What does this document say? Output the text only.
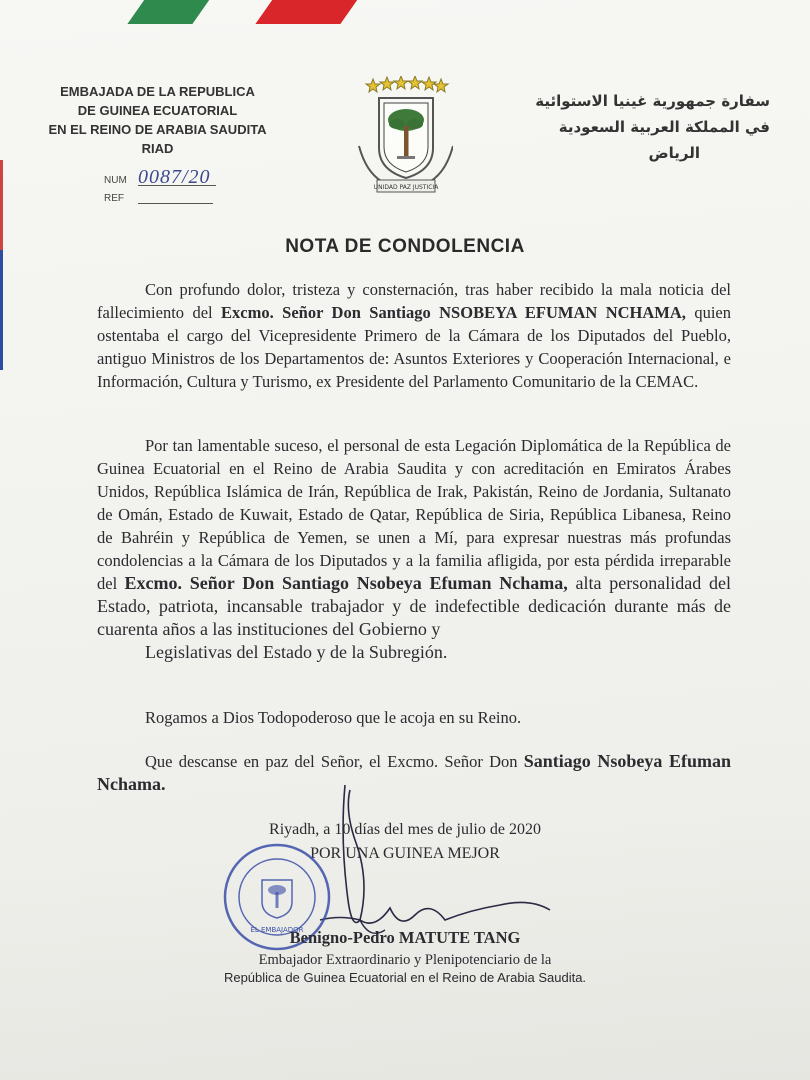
EMBAJADA DE LA REPUBLICA
DE GUINEA ECUATORIAL
EN EL REINO DE ARABIA SAUDITA
RIAD
NUM 0087/20
REF
UNIDAD PAZ JUSTICIA
سفارة جمهورية غينيا الاستوائية
في المملكة العربية السعودية
الرياض
NOTA DE CONDOLENCIA
Con profundo dolor, tristeza y consternación, tras haber recibido la mala noticia del fallecimiento del Excmo. Señor Don Santiago NSOBEYA EFUMAN NCHAMA, quien ostentaba el cargo del Vicepresidente Primero de la Cámara de los Diputados del Pueblo, antiguo Ministros de los Departamentos de: Asuntos Exteriores y Cooperación Internacional, e Información, Cultura y Turismo, ex Presidente del Parlamento Comunitario de la CEMAC.
Por tan lamentable suceso, el personal de esta Legación Diplomática de la República de Guinea Ecuatorial en el Reino de Arabia Saudita y con acreditación en Emiratos Árabes Unidos, República Islámica de Irán, República de Irak, Pakistán, Reino de Jordania, Sultanato de Omán, Estado de Kuwait, Estado de Qatar, República de Siria, República Libanesa, Reino de Bahréin y República de Yemen, se unen a Mí, para expresar nuestras más profundas condolencias a la Cámara de los Diputados y a la familia afligida, por esta pérdida irreparable del Excmo. Señor Don Santiago Nsobeya Efuman Nchama, alta personalidad del Estado, patriota, incansable trabajador y de indefectible dedicación durante más de cuarenta años a las instituciones del Gobierno y
Legislativas del Estado y de la Subregión.
Rogamos a Dios Todopoderoso que le acoja en su Reino.
Que descanse en paz del Señor, el Excmo. Señor Don Santiago Nsobeya Efuman Nchama.
Riyadh, a 10 días del mes de julio de 2020
POR UNA GUINEA MEJOR
EL EMBAJADOR
Benigno-Pedro MATUTE TANG
Embajador Extraordinario y Plenipotenciario de la
República de Guinea Ecuatorial en el Reino de Arabia Saudita.
